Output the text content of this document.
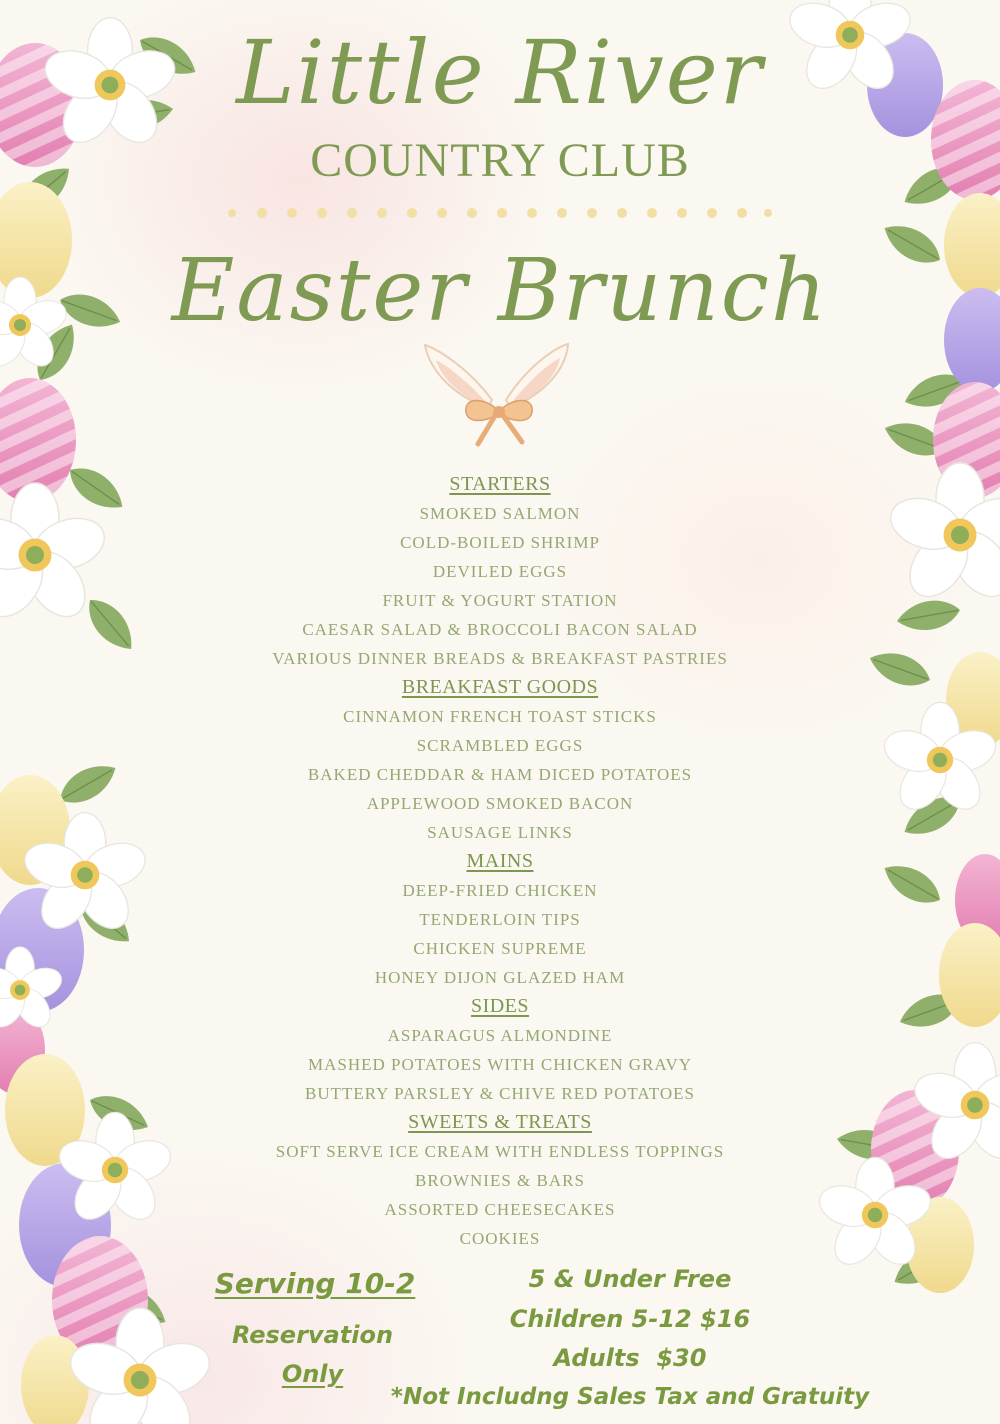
Little River
COUNTRY CLUB
Easter Brunch
STARTERS
SMOKED SALMON
COLD-BOILED SHRIMP
DEVILED EGGS
FRUIT & YOGURT STATION
CAESAR SALAD & BROCCOLI BACON SALAD
VARIOUS DINNER BREADS & BREAKFAST PASTRIES
BREAKFAST GOODS
CINNAMON FRENCH TOAST STICKS
SCRAMBLED EGGS
BAKED CHEDDAR & HAM DICED POTATOES
APPLEWOOD SMOKED BACON
SAUSAGE LINKS
MAINS
DEEP-FRIED CHICKEN
TENDERLOIN TIPS
CHICKEN SUPREME
HONEY DIJON GLAZED HAM
SIDES
ASPARAGUS ALMONDINE
MASHED POTATOES WITH CHICKEN GRAVY
BUTTERY PARSLEY & CHIVE RED POTATOES
SWEETS & TREATS
SOFT SERVE ICE CREAM WITH ENDLESS TOPPINGS
BROWNIES & BARS
ASSORTED CHEESECAKES
COOKIES
Serving 10-2
Reservation
Only
5 & Under Free
Children 5-12 $16
Adults  $30
*Not Includng Sales Tax and Gratuity
